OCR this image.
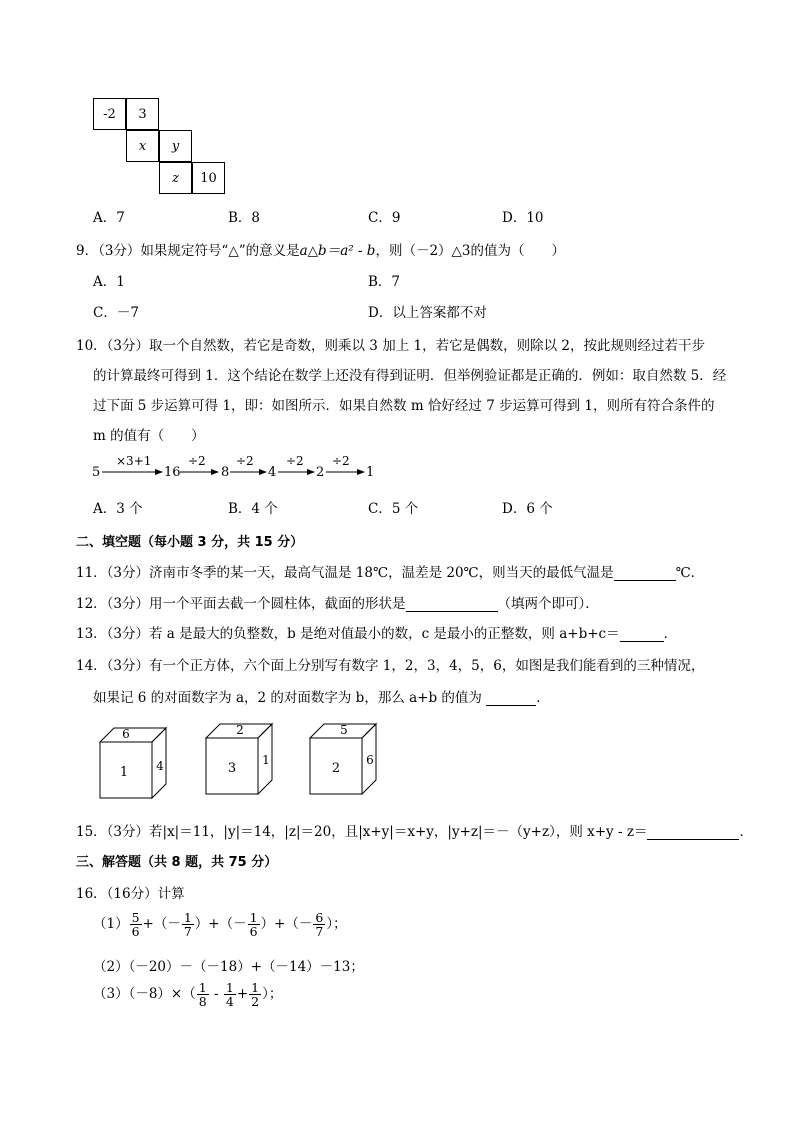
-2	3
x	y
z	10
A．7	B．8	C．9	D．10
9．（3分）如果规定符号“△”的意义是a△b＝a² - b，则（－2）△3的值为（　　）
A．1	B．7
C．－7	D．以上答案都不对
10．（3分）取一个自然数，若它是奇数，则乘以 3 加上 1，若它是偶数，则除以 2，按此规则经过若干步
的计算最终可得到 1．这个结论在数学上还没有得到证明．但举例验证都是正确的．例如：取自然数 5．经
过下面 5 步运算可得 1，即：如图所示．如果自然数 m 恰好经过 7 步运算可得到 1，则所有符合条件的
m 的值有（　　）
5
×3+1
16
÷2
8
÷2
4
÷2
2
÷2
1
A．3 个	B．4 个	C．5 个	D．6 个
二、填空题（每小题 3 分，共 15 分）
11．（3分）济南市冬季的某一天，最高气温是 18℃，温差是 20℃，则当天的最低气温是	℃．
12．（3分）用一个平面去截一个圆柱体，截面的形状是	（填两个即可）．
13．（3分）若 a 是最大的负整数，b 是绝对值最小的数，c 是最小的正整数，则 a+b+c＝	．
14．（3分）有一个正方体，六个面上分别写有数字 1，2，3，4，5，6，如图是我们能看到的三种情况，
如果记 6 的对面数字为 a，2 的对面数字为 b，那么 a+b 的值为	．
6
1 4
2
3
1
5
2
6
15．（3分）若|x|＝11，|y|＝14，|z|＝20，且|x+y|＝x+y，|y+z|＝－（y+z），则 x+y - z＝	．
三、解答题（共 8 题，共 75 分）
16．（16分）计算
$(1) \frac{5}{6}$ +（－ $\frac{1}{7}$ ）+（－ $\frac{1}{6}$ ）+（－ $\frac{6}{7}$ ）；
（2）（－20）－（－18）+（－14）－13；
$(3)(-8)\times( \frac{1}{8} - \frac{1}{4} + \frac{1}{2}$ ）；
